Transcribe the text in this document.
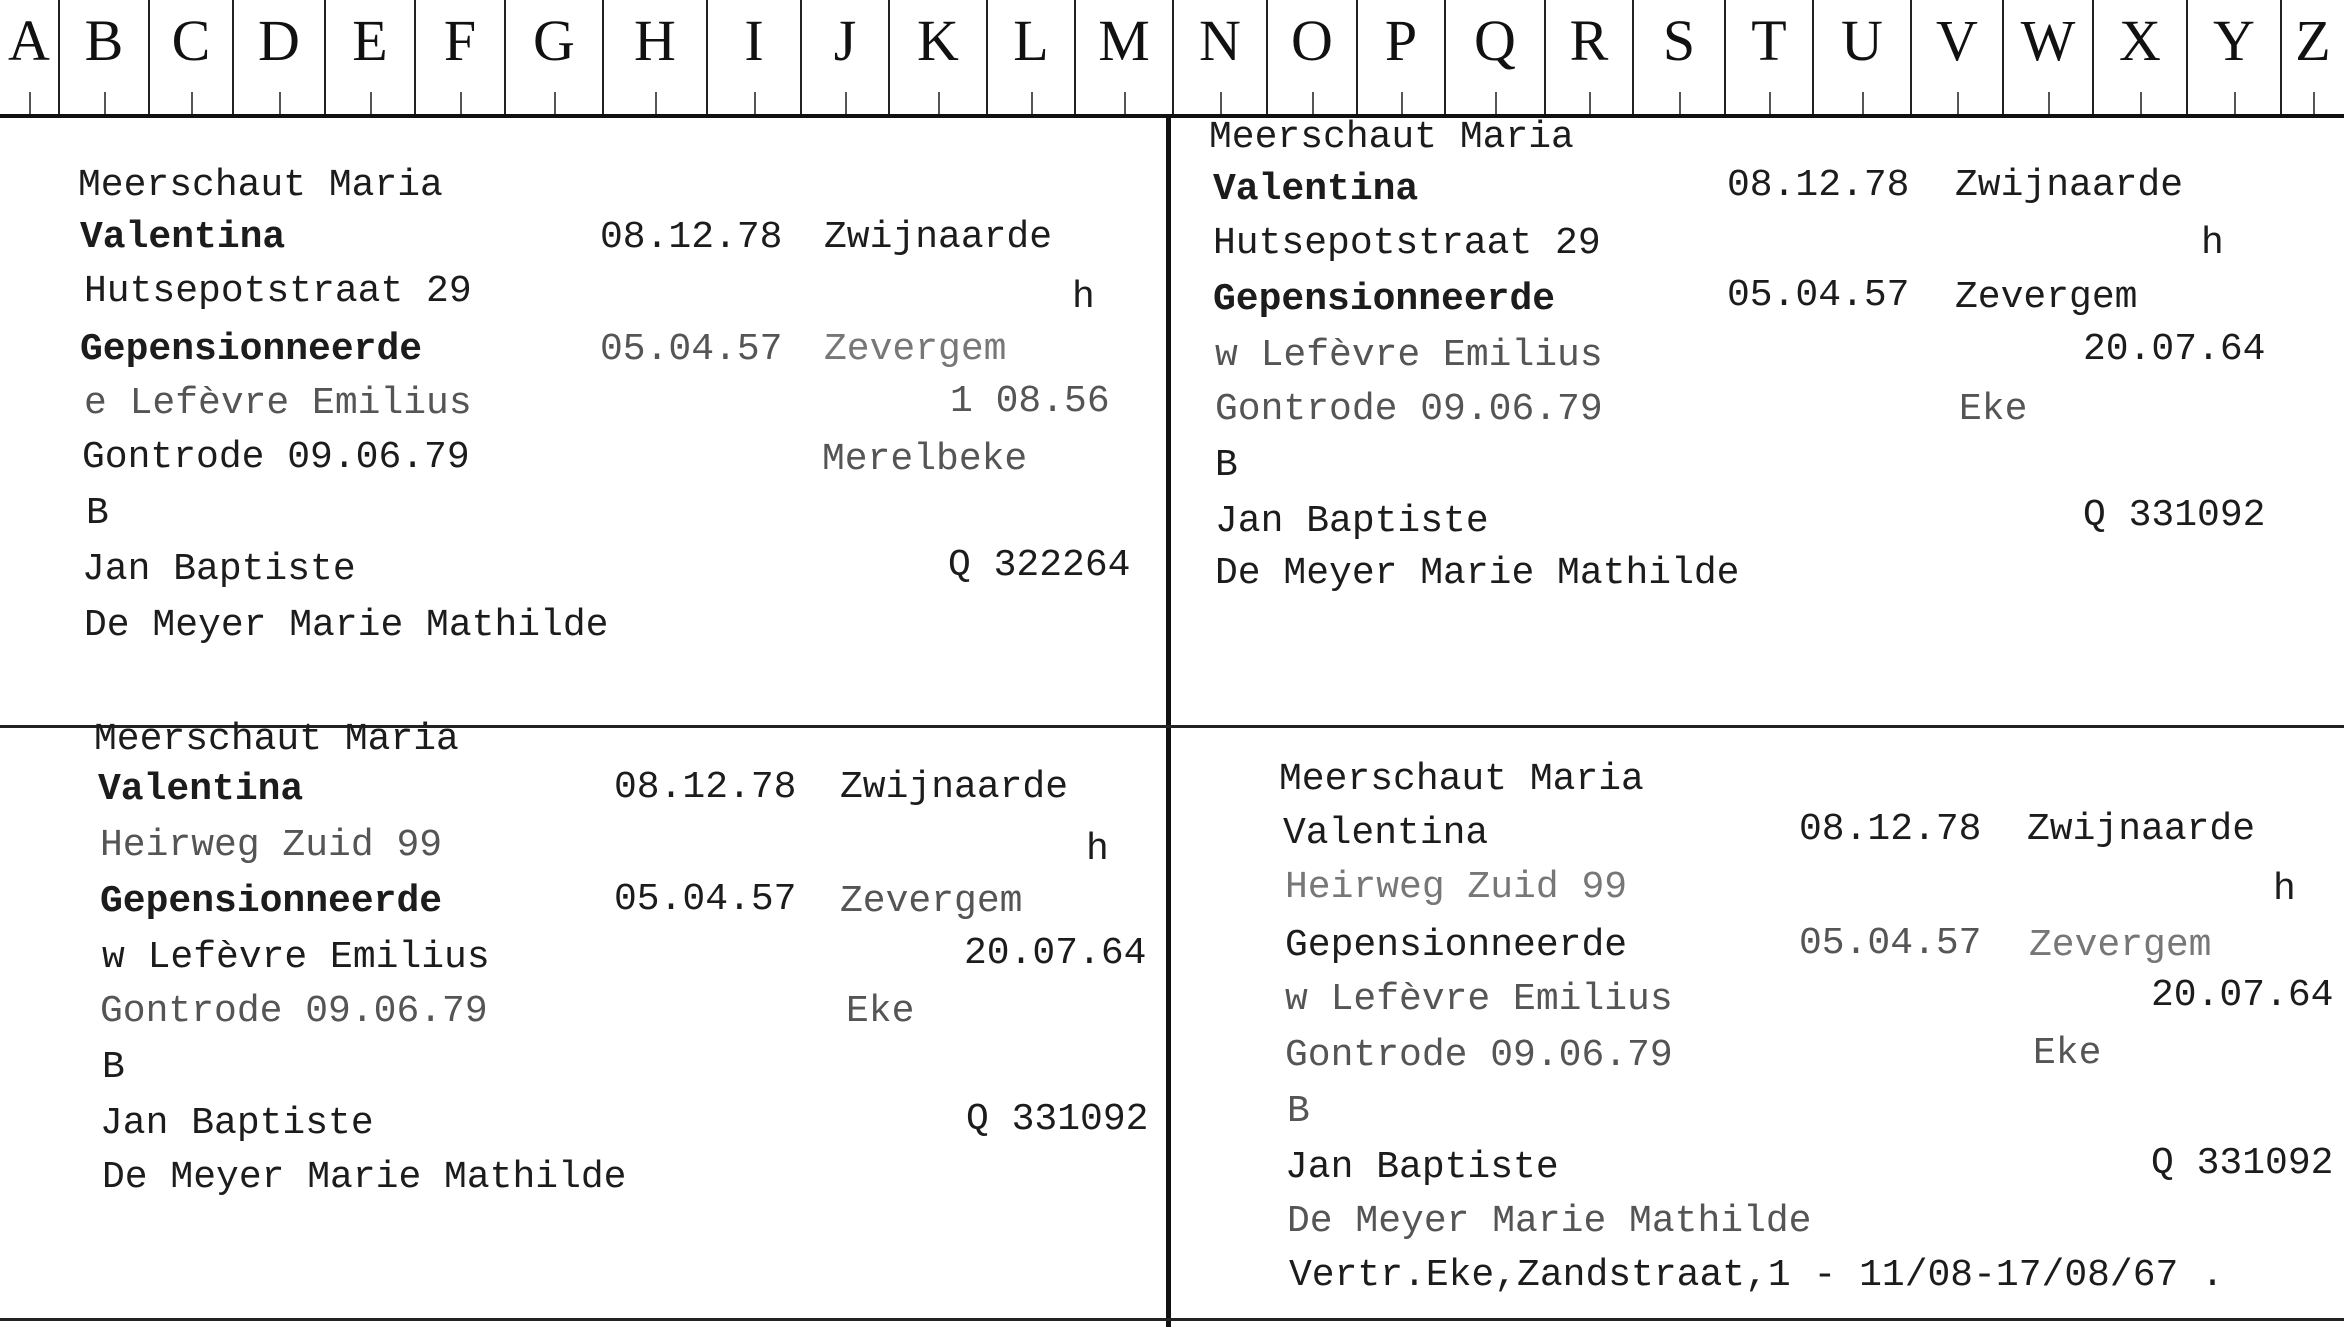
A B C D E F G	H	I	J	K L M N O P Q R S T U V W X Y Z
Meerschaut Maria
Valentina	08.12.78 Zwijnaarde
Hutsepotstraat 29	h
Gepensionneerde	05.04.57 Zevergem
e Lefèvre Emilius	1 08.56
Gontrode 09.06.79	Merelbeke
B
Jan Baptiste	Q 322264
De Meyer Marie Mathilde
Meerschaut Maria
Valentina	08.12.78 Zwijnaarde
Hutsepotstraat 29	h
Gepensionneerde	05.04.57 Zevergem
w Lefèvre Emilius	20.07.64
Gontrode 09.06.79	Eke
B
Jan Baptiste	Q 331092
De Meyer Marie Mathilde
Meerschaut Maria
Valentina	08.12.78 Zwijnaarde
Heirweg Zuid 99	h
Gepensionneerde	05.04.57 Zevergem
w Lefèvre Emilius	20.07.64
Gontrode 09.06.79	Eke
B
Jan Baptiste	Q 331092
De Meyer Marie Mathilde
Meerschaut Maria
Valentina	08.12.78 Zwijnaarde
Heirweg Zuid 99	h
Gepensionneerde	05.04.57 Zevergem
w Lefèvre Emilius	20.07.64
Gontrode 09.06.79	Eke
B
Jan Baptiste	Q 331092
De Meyer Marie Mathilde
Vertr.Eke,Zandstraat,1 - 11/08-17/08/67 .
